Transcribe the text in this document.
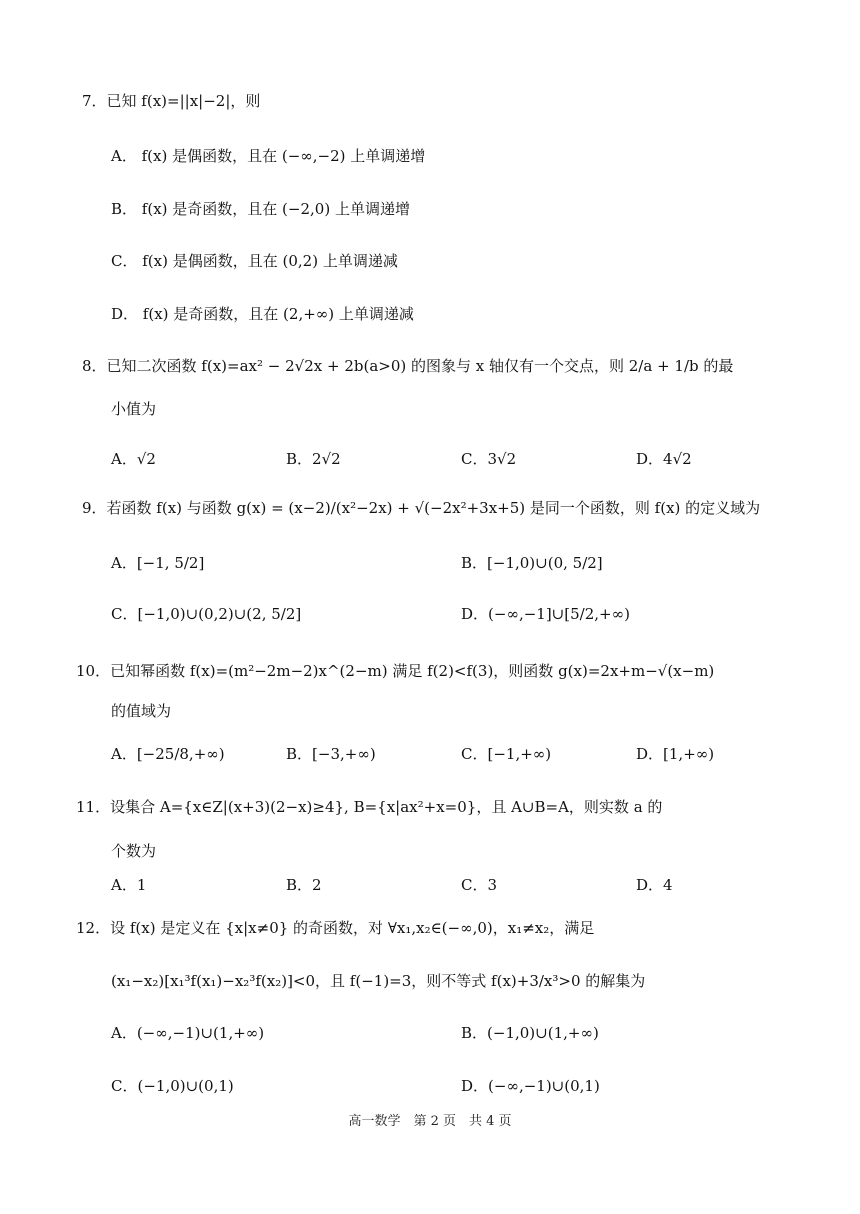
7．已知 f(x)=||x|−2|，则
A． f(x) 是偶函数，且在 (−∞,−2) 上单调递增
B． f(x) 是奇函数，且在 (−2,0) 上单调递增
C． f(x) 是偶函数，且在 (0,2) 上单调递减
D． f(x) 是奇函数，且在 (2,+∞) 上单调递减
8．已知二次函数 f(x)=ax² − 2√2x + 2b(a>0) 的图象与 x 轴仅有一个交点，则 2/a + 1/b 的最
小值为
A．√2	B．2√2	C．3√2	D．4√2
9．若函数 f(x) 与函数 g(x) = (x−2)/(x²−2x) + √(−2x²+3x+5) 是同一个函数，则 f(x) 的定义域为
A．[−1, 5/2]	B．[−1,0)∪(0, 5/2]
C．[−1,0)∪(0,2)∪(2, 5/2]	D．(−∞,−1]∪[5/2,+∞)
10．已知幂函数 f(x)=(m²−2m−2)x^(2−m) 满足 f(2)<f(3)，则函数 g(x)=2x+m−√(x−m)
的值域为
A．[−25/8,+∞)	B．[−3,+∞)	C．[−1,+∞)	D．[1,+∞)
11．设集合 A={x∈Z|(x+3)(2−x)≥4}, B={x|ax²+x=0}，且 A∪B=A，则实数 a 的
个数为
A．1	B．2	C．3	D．4
12．设 f(x) 是定义在 {x|x≠0} 的奇函数，对 ∀x₁,x₂∈(−∞,0)，x₁≠x₂，满足
(x₁−x₂)[x₁³f(x₁)−x₂³f(x₂)]<0，且 f(−1)=3，则不等式 f(x)+3/x³>0 的解集为
A．(−∞,−1)∪(1,+∞)	B．(−1,0)∪(1,+∞)
C．(−1,0)∪(0,1)	D．(−∞,−1)∪(0,1)
高一数学　第 2 页　共 4 页
